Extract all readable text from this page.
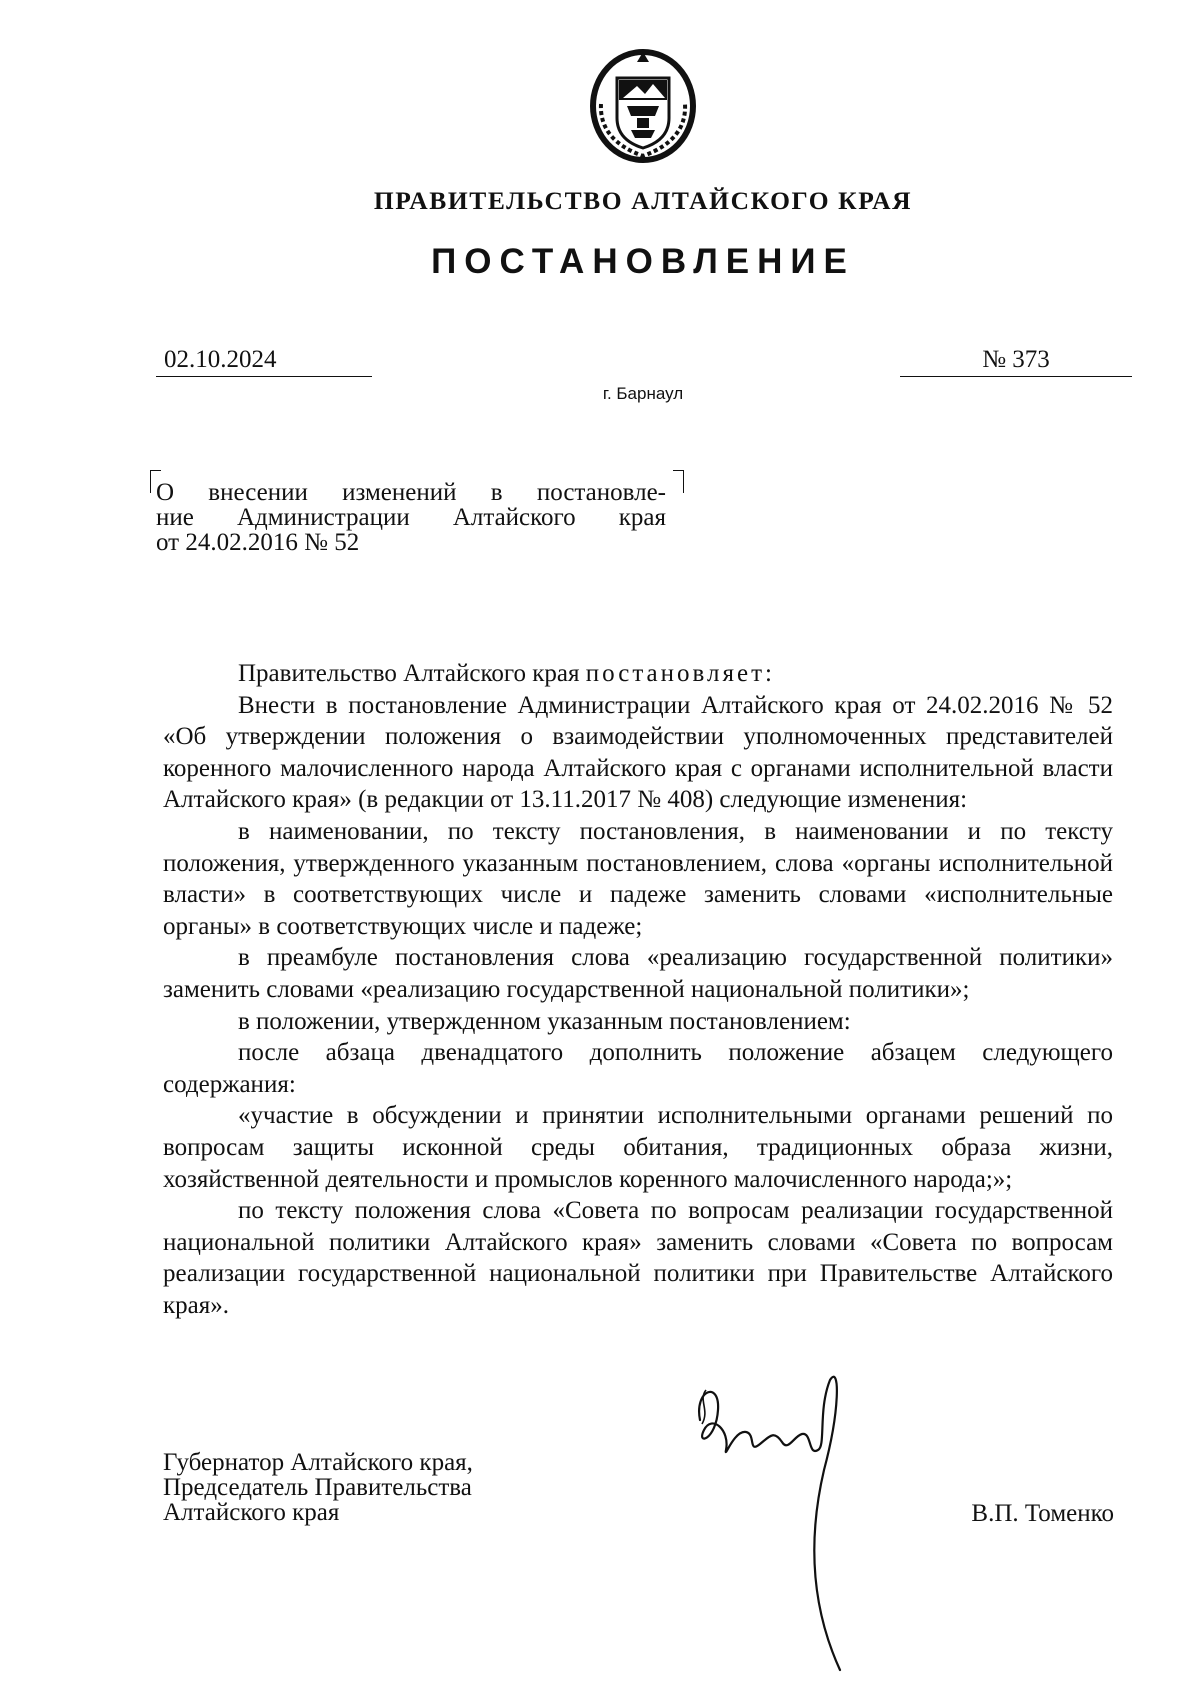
ПРАВИТЕЛЬСТВО АЛТАЙСКОГО КРАЯ
ПОСТАНОВЛЕНИЕ
02.10.2024	№ 373
г. Барнаул

О внесении изменений в постановле-

ние Администрации Алтайского края

от 24.02.2016 № 52

Правительство Алтайского края постановляет:

Внести в постановление Администрации Алтайского края от 24.02.2016 № 52 «Об утверждении положения о взаимодействии уполномоченных представителей коренного малочисленного народа Алтайского края с органами исполнительной власти Алтайского края» (в редакции от 13.11.2017 № 408) следующие изменения:

в наименовании, по тексту постановления, в наименовании и по тексту положения, утвержденного указанным постановлением, слова «органы исполнительной власти» в соответствующих числе и падеже заменить словами «исполнительные органы» в соответствующих числе и падеже;

в преамбуле постановления слова «реализацию государственной политики» заменить словами «реализацию государственной национальной политики»;

в положении, утвержденном указанным постановлением:

после абзаца двенадцатого дополнить положение абзацем следующего содержания:

«участие в обсуждении и принятии исполнительными органами решений по вопросам защиты исконной среды обитания, традиционных образа жизни, хозяйственной деятельности и промыслов коренного малочисленного народа;»;

по тексту положения слова «Совета по вопросам реализации государственной национальной политики Алтайского края» заменить словами «Совета по вопросам реализации государственной национальной политики при Правительстве Алтайского края».

Губернатор Алтайского края,
Председатель Правительства
Алтайского края	В.П. Томенко
